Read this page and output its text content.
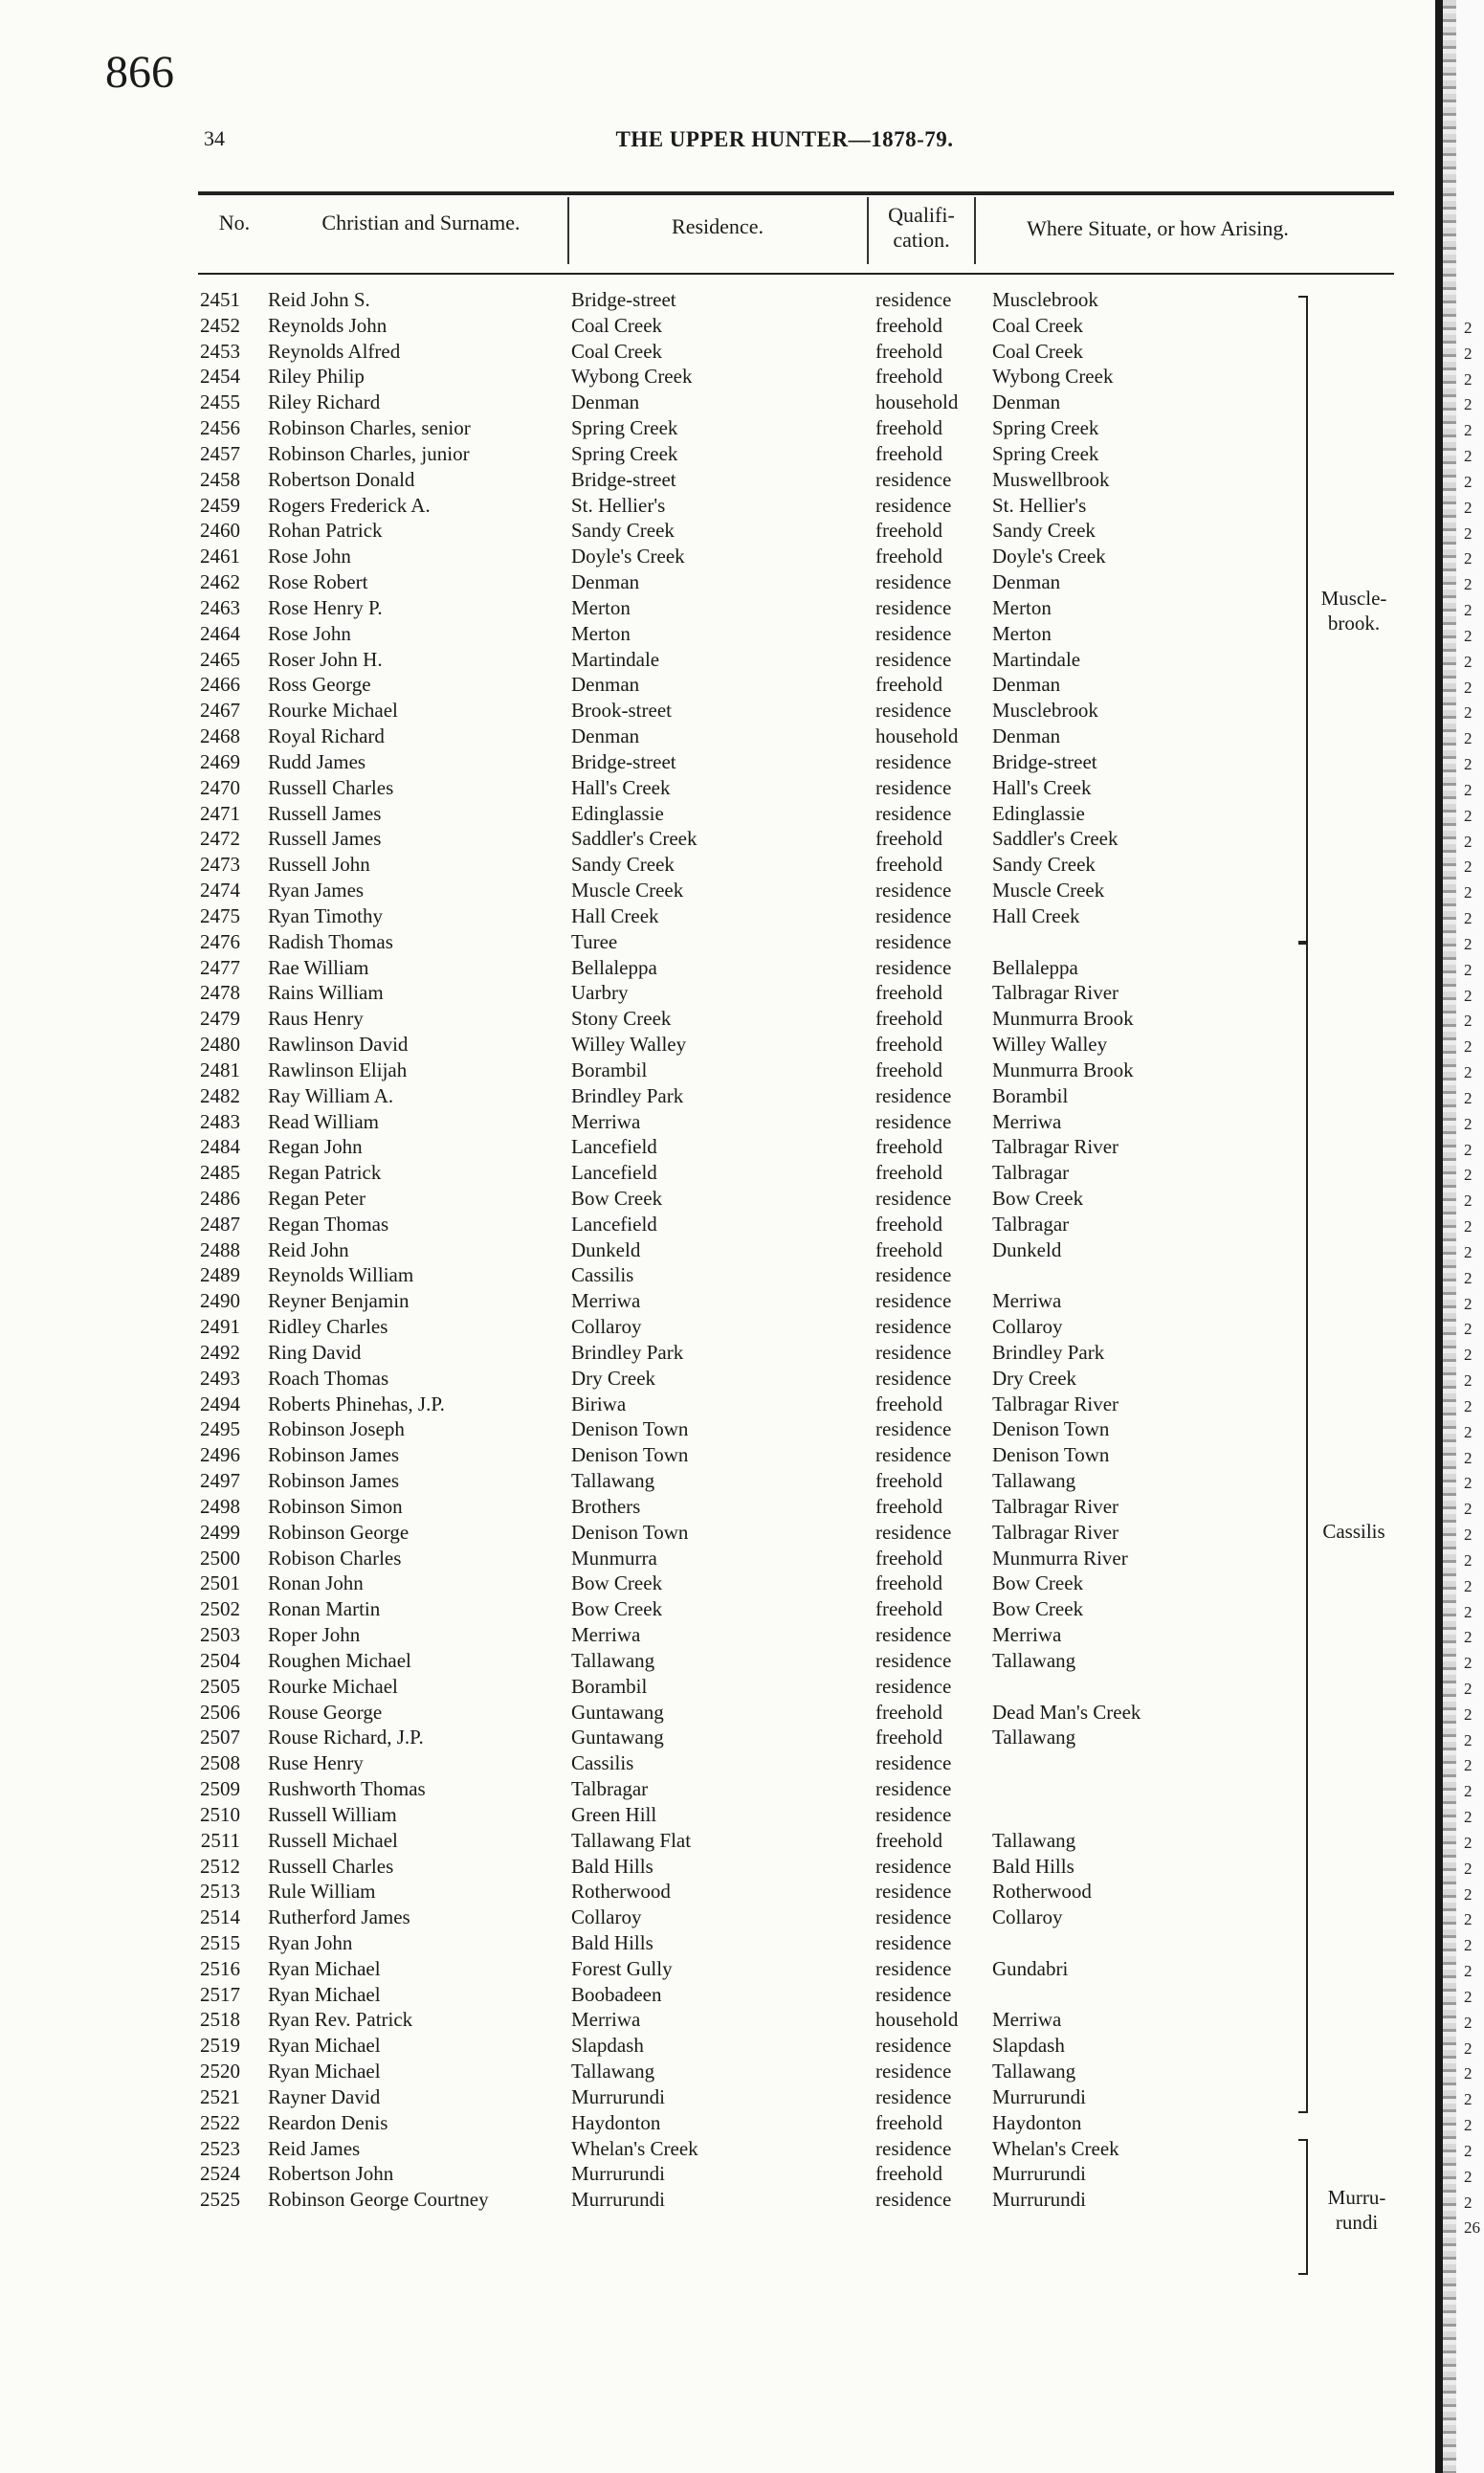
866
34	THE UPPER HUNTER—1878-79.
No.	Christian and Surname.	Residence.	Qualifi-
cation.	Where Situate, or how Arising.
2451 Reid John S.	Bridge-street	residence Musclebrook
2452 Reynolds John	Coal Creek	freehold Coal Creek
2453 Reynolds Alfred	Coal Creek	freehold Coal Creek
2454 Riley Philip	Wybong Creek	freehold Wybong Creek
2455 Riley Richard	Denman	household Denman
2456 Robinson Charles, senior	Spring Creek	freehold Spring Creek
2457 Robinson Charles, junior	Spring Creek	freehold Spring Creek
2458 Robertson Donald	Bridge-street	residence Muswellbrook
2459 Rogers Frederick A.	St. Hellier's	residence St. Hellier's
2460 Rohan Patrick	Sandy Creek	freehold Sandy Creek
2461 Rose John	Doyle's Creek	freehold Doyle's Creek
2462 Rose Robert	Denman	residence Denman
2463 Rose Henry P.	Merton	residence Merton
2464 Rose John	Merton	residence Merton
2465 Roser John H.	Martindale	residence Martindale
2466 Ross George	Denman	freehold Denman
2467 Rourke Michael	Brook-street	residence Musclebrook
2468 Royal Richard	Denman	household Denman
2469 Rudd James	Bridge-street	residence Bridge-street
2470 Russell Charles	Hall's Creek	residence Hall's Creek
2471 Russell James	Edinglassie	residence Edinglassie
2472 Russell James	Saddler's Creek	freehold Saddler's Creek
2473 Russell John	Sandy Creek	freehold Sandy Creek
2474 Ryan James	Muscle Creek	residence Muscle Creek
2475 Ryan Timothy	Hall Creek	residence Hall Creek
2476 Radish Thomas	Turee	residence
2477 Rae William	Bellaleppa	residence Bellaleppa
2478 Rains William	Uarbry	freehold Talbragar River
2479 Raus Henry	Stony Creek	freehold Munmurra Brook
2480 Rawlinson David	Willey Walley	freehold Willey Walley
2481 Rawlinson Elijah	Borambil	freehold Munmurra Brook
2482 Ray William A.	Brindley Park	residence Borambil
2483 Read William	Merriwa	residence Merriwa
2484 Regan John	Lancefield	freehold Talbragar River
2485 Regan Patrick	Lancefield	freehold Talbragar
2486 Regan Peter	Bow Creek	residence Bow Creek
2487 Regan Thomas	Lancefield	freehold Talbragar
2488 Reid John	Dunkeld	freehold Dunkeld
2489 Reynolds William	Cassilis	residence
2490 Reyner Benjamin	Merriwa	residence Merriwa
2491 Ridley Charles	Collaroy	residence Collaroy
2492 Ring David	Brindley Park	residence Brindley Park
2493 Roach Thomas	Dry Creek	residence Dry Creek
2494 Roberts Phinehas, J.P.	Biriwa	freehold Talbragar River
2495 Robinson Joseph	Denison Town	residence Denison Town
2496 Robinson James	Denison Town	residence Denison Town
2497 Robinson James	Tallawang	freehold Tallawang
2498 Robinson Simon	Brothers	freehold Talbragar River
2499 Robinson George	Denison Town	residence Talbragar River
2500 Robison Charles	Munmurra	freehold Munmurra River
2501 Ronan John	Bow Creek	freehold Bow Creek
2502 Ronan Martin	Bow Creek	freehold Bow Creek
2503 Roper John	Merriwa	residence Merriwa
2504 Roughen Michael	Tallawang	residence Tallawang
2505 Rourke Michael	Borambil	residence
2506 Rouse George	Guntawang	freehold Dead Man's Creek
2507 Rouse Richard, J.P.	Guntawang	freehold Tallawang
2508 Ruse Henry	Cassilis	residence
2509 Rushworth Thomas	Talbragar	residence
2510 Russell William	Green Hill	residence
2511 Russell Michael	Tallawang Flat	freehold Tallawang
2512 Russell Charles	Bald Hills	residence Bald Hills
2513 Rule William	Rotherwood	residence Rotherwood
2514 Rutherford James	Collaroy	residence Collaroy
2515 Ryan John	Bald Hills	residence
2516 Ryan Michael	Forest Gully	residence Gundabri
2517 Ryan Michael	Boobadeen	residence
2518 Ryan Rev. Patrick	Merriwa	household Merriwa
2519 Ryan Michael	Slapdash	residence Slapdash
2520 Ryan Michael	Tallawang	residence Tallawang
2521 Rayner David	Murrurundi	residence Murrurundi
2522 Reardon Denis	Haydonton	freehold Haydonton
2523 Reid James	Whelan's Creek	residence Whelan's Creek
2524 Robertson John	Murrurundi	freehold Murrurundi
2525 Robinson George Courtney	Murrurundi	residence Murrurundi
Muscle-
brook.
Cassilis
Murru-
rundi
2
2
2
2
2
2
2
2
2
2
2
2
2
2
2
2
2
2
2
2
2
2
2
2
2
2
2
2
2
2
2
2
2
2
2
2
2
2
2
2
2
2
2
2
2
2
2
2
2
2
2
2
2
2
2
2
2
2
2
2
2
2
2
2
2
2
2
2
2
2
2
2
2
2
26
